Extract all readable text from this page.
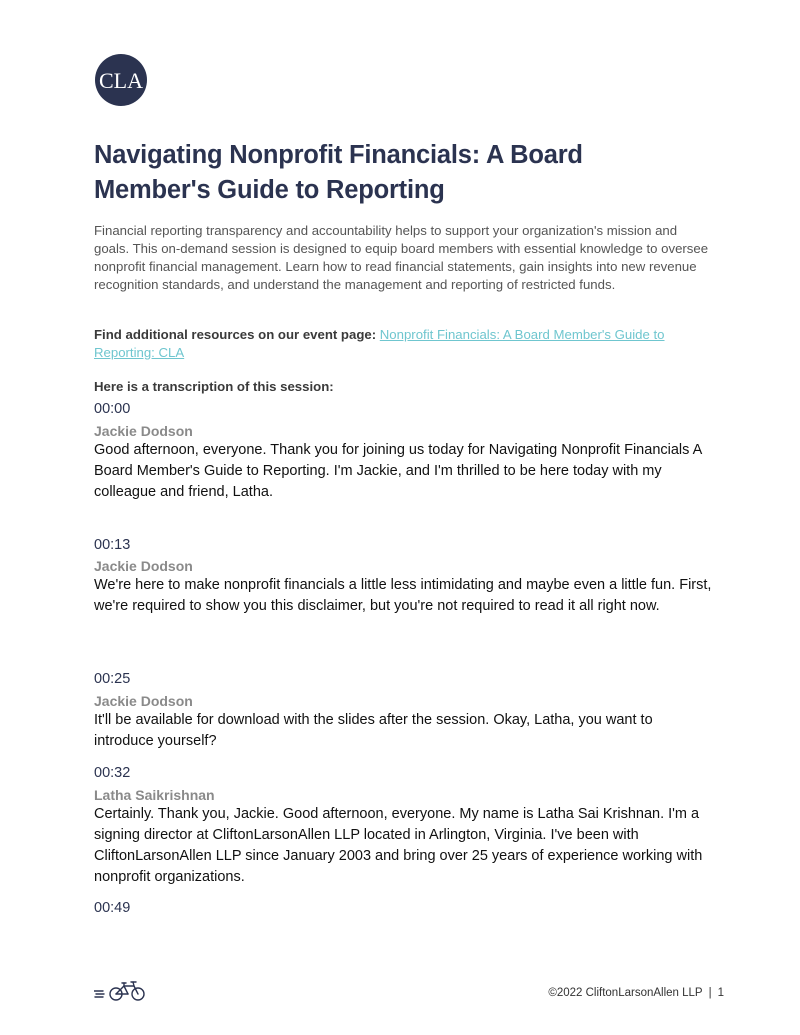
CLA
Navigating Nonprofit Financials: A Board Member's Guide to Reporting

Financial reporting transparency and accountability helps to support your organization's mission and goals. This on-demand session is designed to equip board members with essential knowledge to oversee nonprofit financial management. Learn how to read financial statements, gain insights into new revenue recognition standards, and understand the management and reporting of restricted funds.

Find additional resources on our event page: Nonprofit Financials: A Board Member's Guide to Reporting: CLA

Here is a transcription of this session:

00:00
Jackie Dodson

Good afternoon, everyone. Thank you for joining us today for Navigating Nonprofit Financials A Board Member's Guide to Reporting. I'm Jackie, and I'm thrilled to be here today with my colleague and friend, Latha.

00:13
Jackie Dodson

We're here to make nonprofit financials a little less intimidating and maybe even a little fun. First, we're required to show you this disclaimer, but you're not required to read it all right now.

00:25
Jackie Dodson

It'll be available for download with the slides after the session. Okay, Latha, you want to introduce yourself?

00:32
Latha Saikrishnan

Certainly. Thank you, Jackie. Good afternoon, everyone. My name is Latha Sai Krishnan. I'm a signing director at CliftonLarsonAllen LLP located in Arlington, Virginia. I've been with CliftonLarsonAllen LLP since January 2003 and bring over 25 years of experience working with nonprofit organizations.

00:49
©2022 CliftonLarsonAllen LLP | 1
